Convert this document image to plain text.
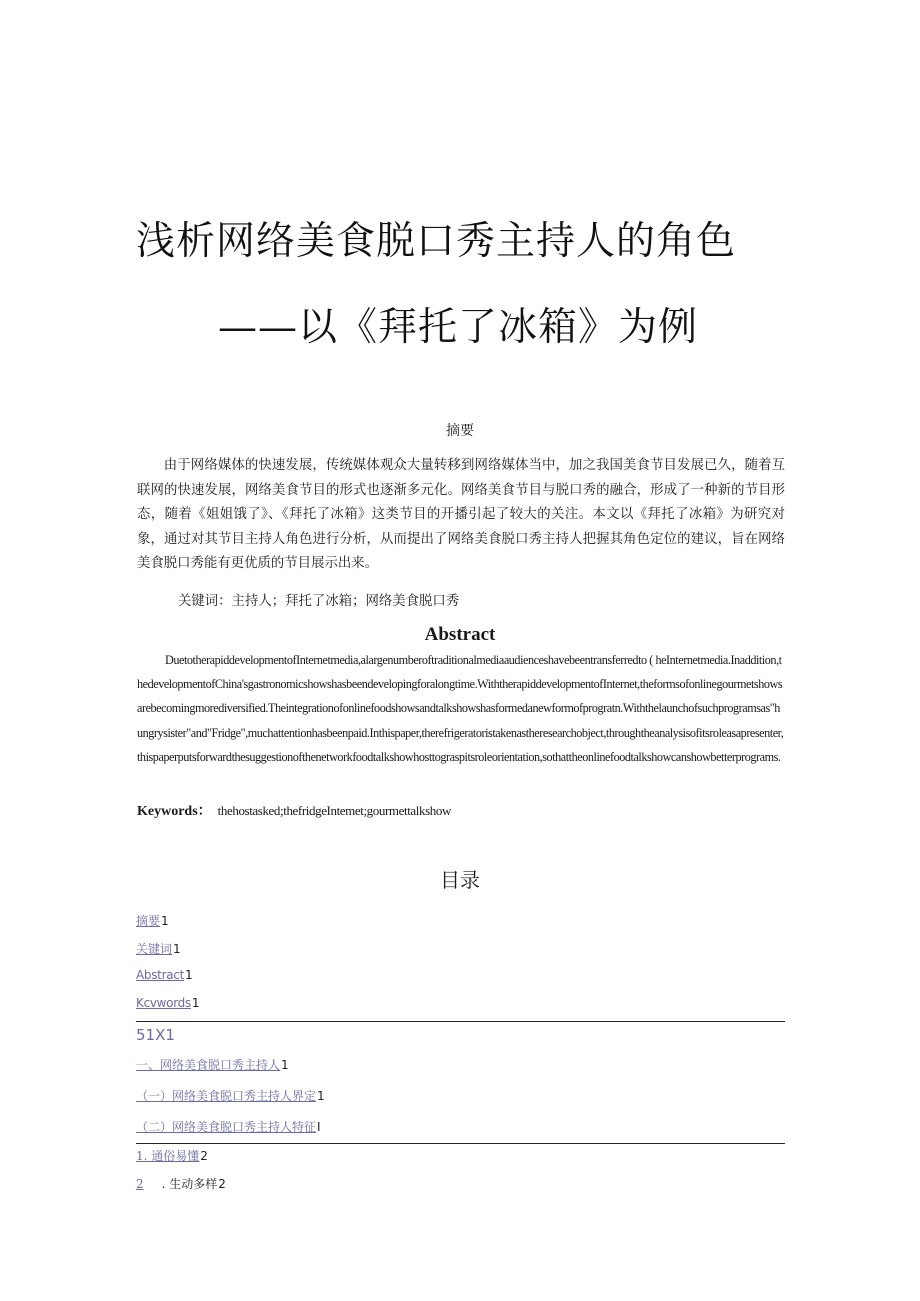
浅析网络美食脱口秀主持人的角色
——以《拜托了冰箱》为例
摘要

由于网络媒体的快速发展，传统媒体观众大量转移到网络媒体当中，加之我国美食节目发展已久，随着互联网的快速发展，网络美食节目的形式也逐渐多元化。网络美食节目与脱口秀的融合，形成了一种新的节目形态，随着《姐姐饿了》、《拜托了冰箱》这类节目的开播引起了较大的关注。本文以《拜托了冰箱》为研究对象，通过对其节目主持人角色进行分析，从而提出了网络美食脱口秀主持人把握其角色定位的建议，旨在网络美食脱口秀能有更优质的节目展示出来。

关键词：主持人；拜托了冰箱；网络美食脱口秀
Abstract

DuetotherapiddevelopmentofInternetmedia,alargenumberoftraditionalmediaaudienceshavebeentransferredto ( heInternetmedia.Inaddition,thedevelopmentofChina'sgastronomicshowshasbeendevelopingforalongtime.WiththerapiddevelopmentofInternet,theformsofonlinegourmetshowsarebecomingmorediversified.Theintegrationofonlinefoodshowsandtalkshowshasformedanewformofprogratn.Withthelaunchofsuchprogramsas"hungrysister"and"Fridge",muchattentionhasbeenpaid.Inthispaper,therefrigeratoristakenastheresearchobject,throughtheanalysisofitsroleasapresenter,thispaperputsforwardthesuggestionofthenetworkfoodtalkshowhosttograspitsroleorientation,sothattheonlinefoodtalkshowcanshowbetterprograms.

Keywords： thehostasked;thefridgeIntemet;gourmettalkshow
目录
摘要1
关键词1
Abstract1
Kcvwords1
51X1
一、网络美食脱口秀主持人1
（一）网络美食脱口秀主持人界定1
（二）网络美食脱口秀主持人特征I
1. 通俗易懂2
2 . 生动多样2
